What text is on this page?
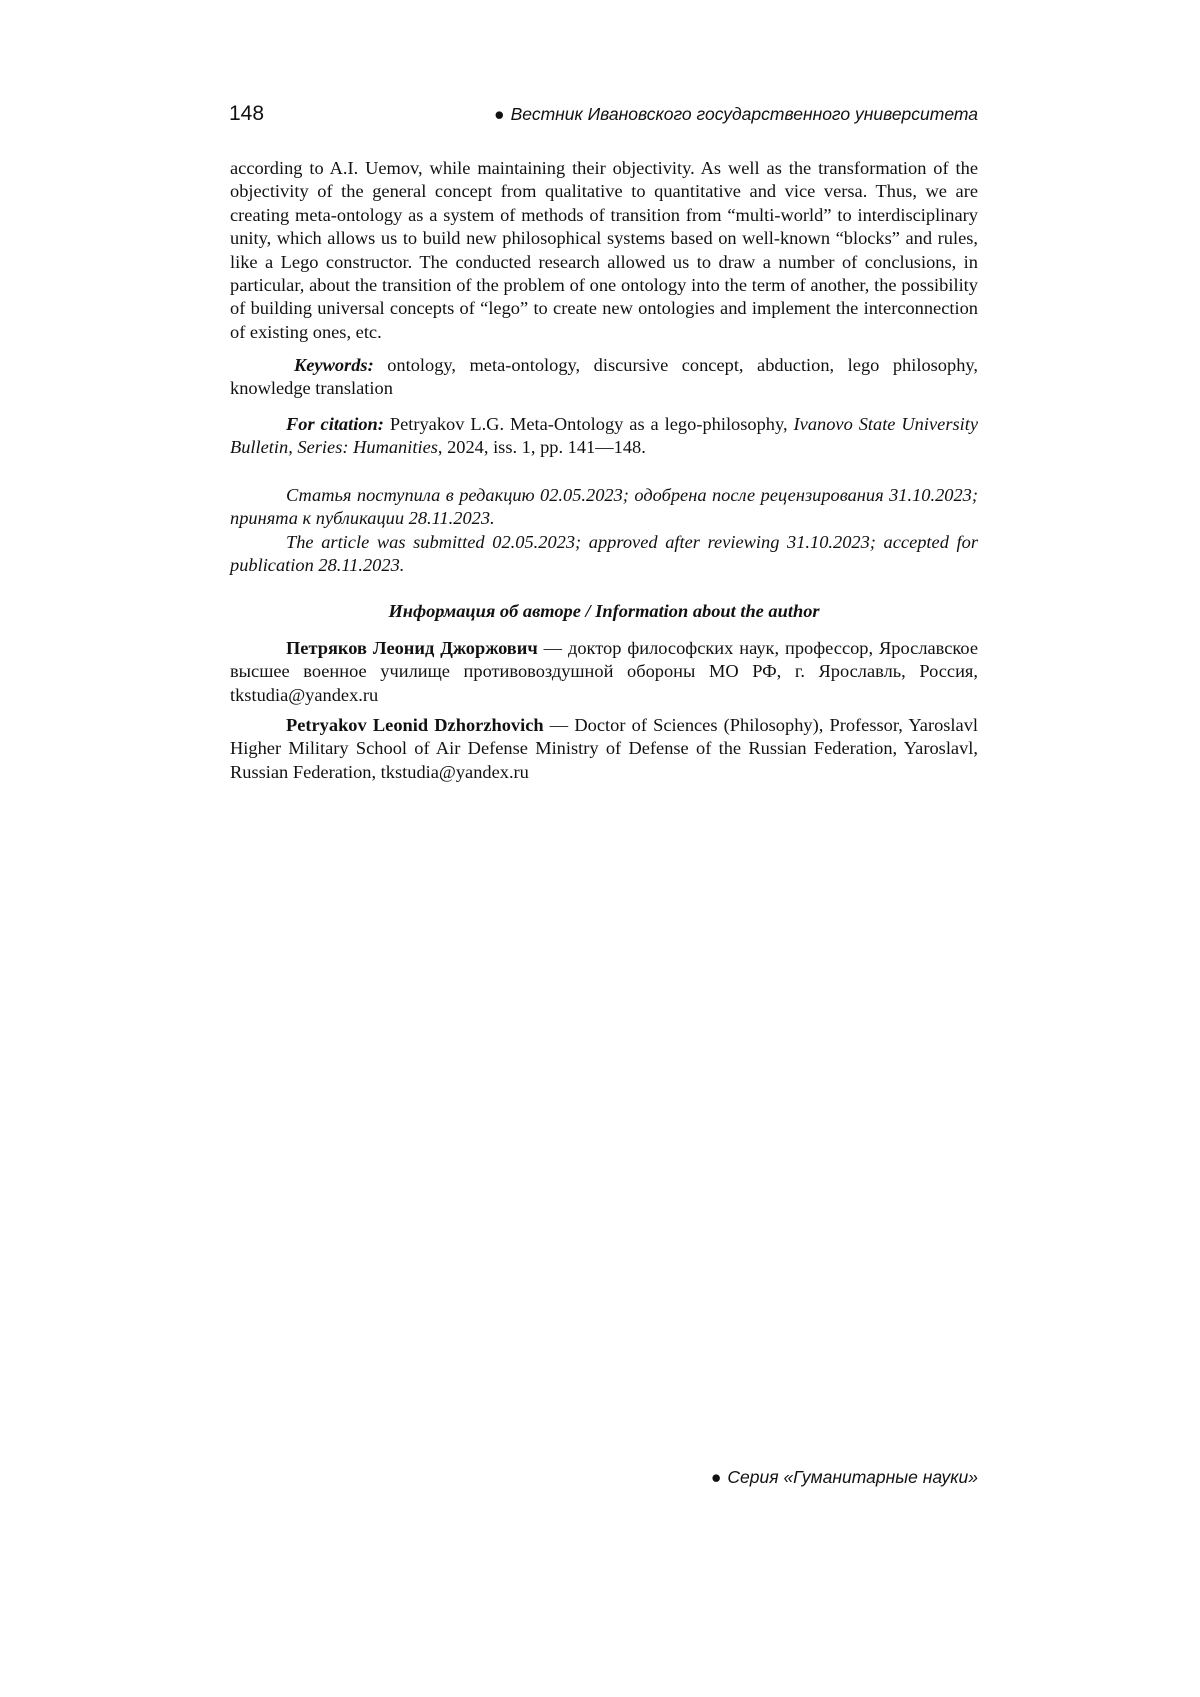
148	● Вестник Ивановского государственного университета
according to A.I. Uemov, while maintaining their objectivity. As well as the transformation of the objectivity of the general concept from qualitative to quantitative and vice versa. Thus, we are creating meta-ontology as a system of methods of transition from “multi-world” to interdisciplinary unity, which allows us to build new philosophical systems based on well-known “blocks” and rules, like a Lego constructor. The conducted research allowed us to draw a number of conclusions, in particular, about the transition of the problem of one ontology into the term of another, the possibility of building universal concepts of “lego” to create new ontologies and implement the interconnection of existing ones, etc.
Keywords: ontology, meta-ontology, discursive concept, abduction, lego philosophy, knowledge translation
For citation: Petryakov L.G. Meta-Ontology as a lego-philosophy, Ivanovo State University Bulletin, Series: Humanities, 2024, iss. 1, pp. 141—148.

Статья поступила в редакцию 02.05.2023; одобрена после рецензирования 31.10.2023; принята к публикации 28.11.2023.

The article was submitted 02.05.2023; approved after reviewing 31.10.2023; accepted for publication 28.11.2023.

Информация об авторе / Information about the author
Петряков Леонид Джоржович — доктор философских наук, профессор, Ярославское высшее военное училище противовоздушной обороны МО РФ, г. Ярославль, Россия, tkstudia@yandex.ru
Petryakov Leonid Dzhorzhovich — Doctor of Sciences (Philosophy), Professor, Yaroslavl Higher Military School of Air Defense Ministry of Defense of the Russian Federation, Yaroslavl, Russian Federation, tkstudia@yandex.ru
● Серия «Гуманитарные науки»
